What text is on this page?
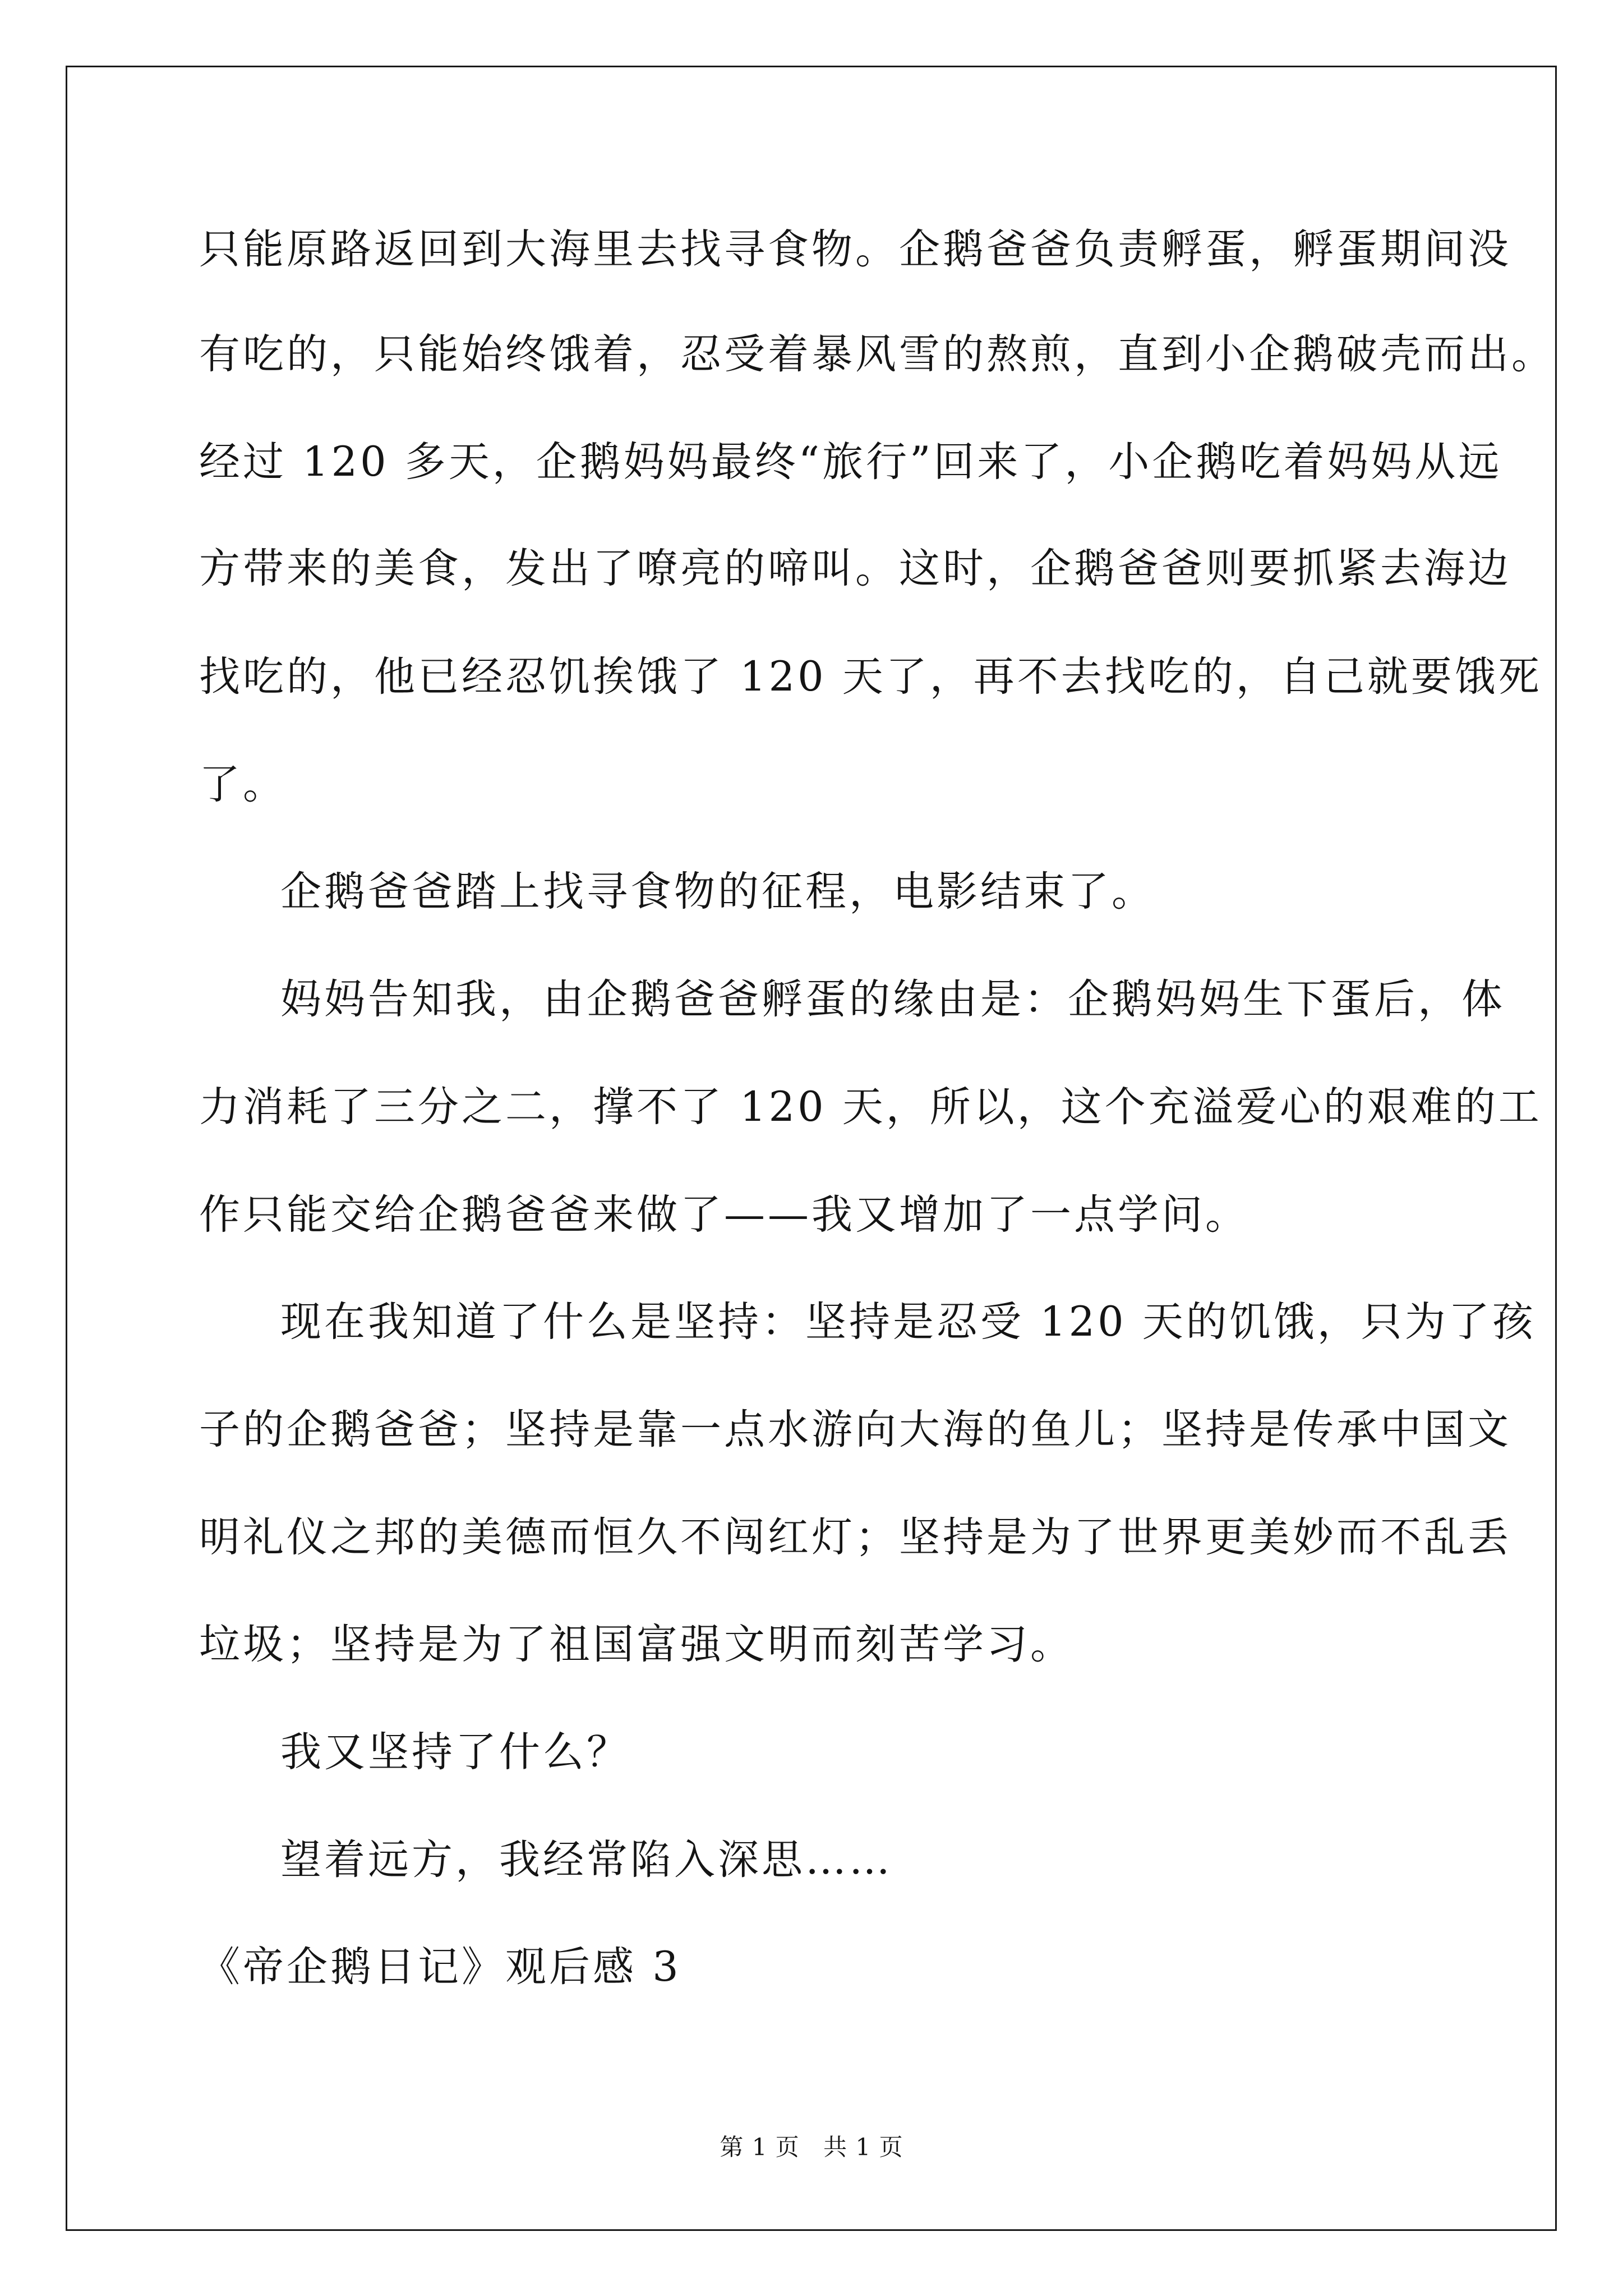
只能原路返回到大海里去找寻食物。企鹅爸爸负责孵蛋，孵蛋期间没
有吃的，只能始终饿着，忍受着暴风雪的熬煎，直到小企鹅破壳而出。
经过 120 多天，企鹅妈妈最终“旅行”回来了，小企鹅吃着妈妈从远
方带来的美食，发出了嘹亮的啼叫。这时，企鹅爸爸则要抓紧去海边
找吃的，他已经忍饥挨饿了 120 天了，再不去找吃的，自己就要饿死
了。
企鹅爸爸踏上找寻食物的征程，电影结束了。
妈妈告知我，由企鹅爸爸孵蛋的缘由是：企鹅妈妈生下蛋后，体
力消耗了三分之二，撑不了 120 天，所以，这个充溢爱心的艰难的工
作只能交给企鹅爸爸来做了——我又增加了一点学问。
现在我知道了什么是坚持：坚持是忍受 120 天的饥饿，只为了孩
子的企鹅爸爸；坚持是靠一点水游向大海的鱼儿；坚持是传承中国文
明礼仪之邦的美德而恒久不闯红灯；坚持是为了世界更美妙而不乱丢
垃圾；坚持是为了祖国富强文明而刻苦学习。
我又坚持了什么？
望着远方，我经常陷入深思……
《帝企鹅日记》观后感 3
第 1 页 共 1 页
